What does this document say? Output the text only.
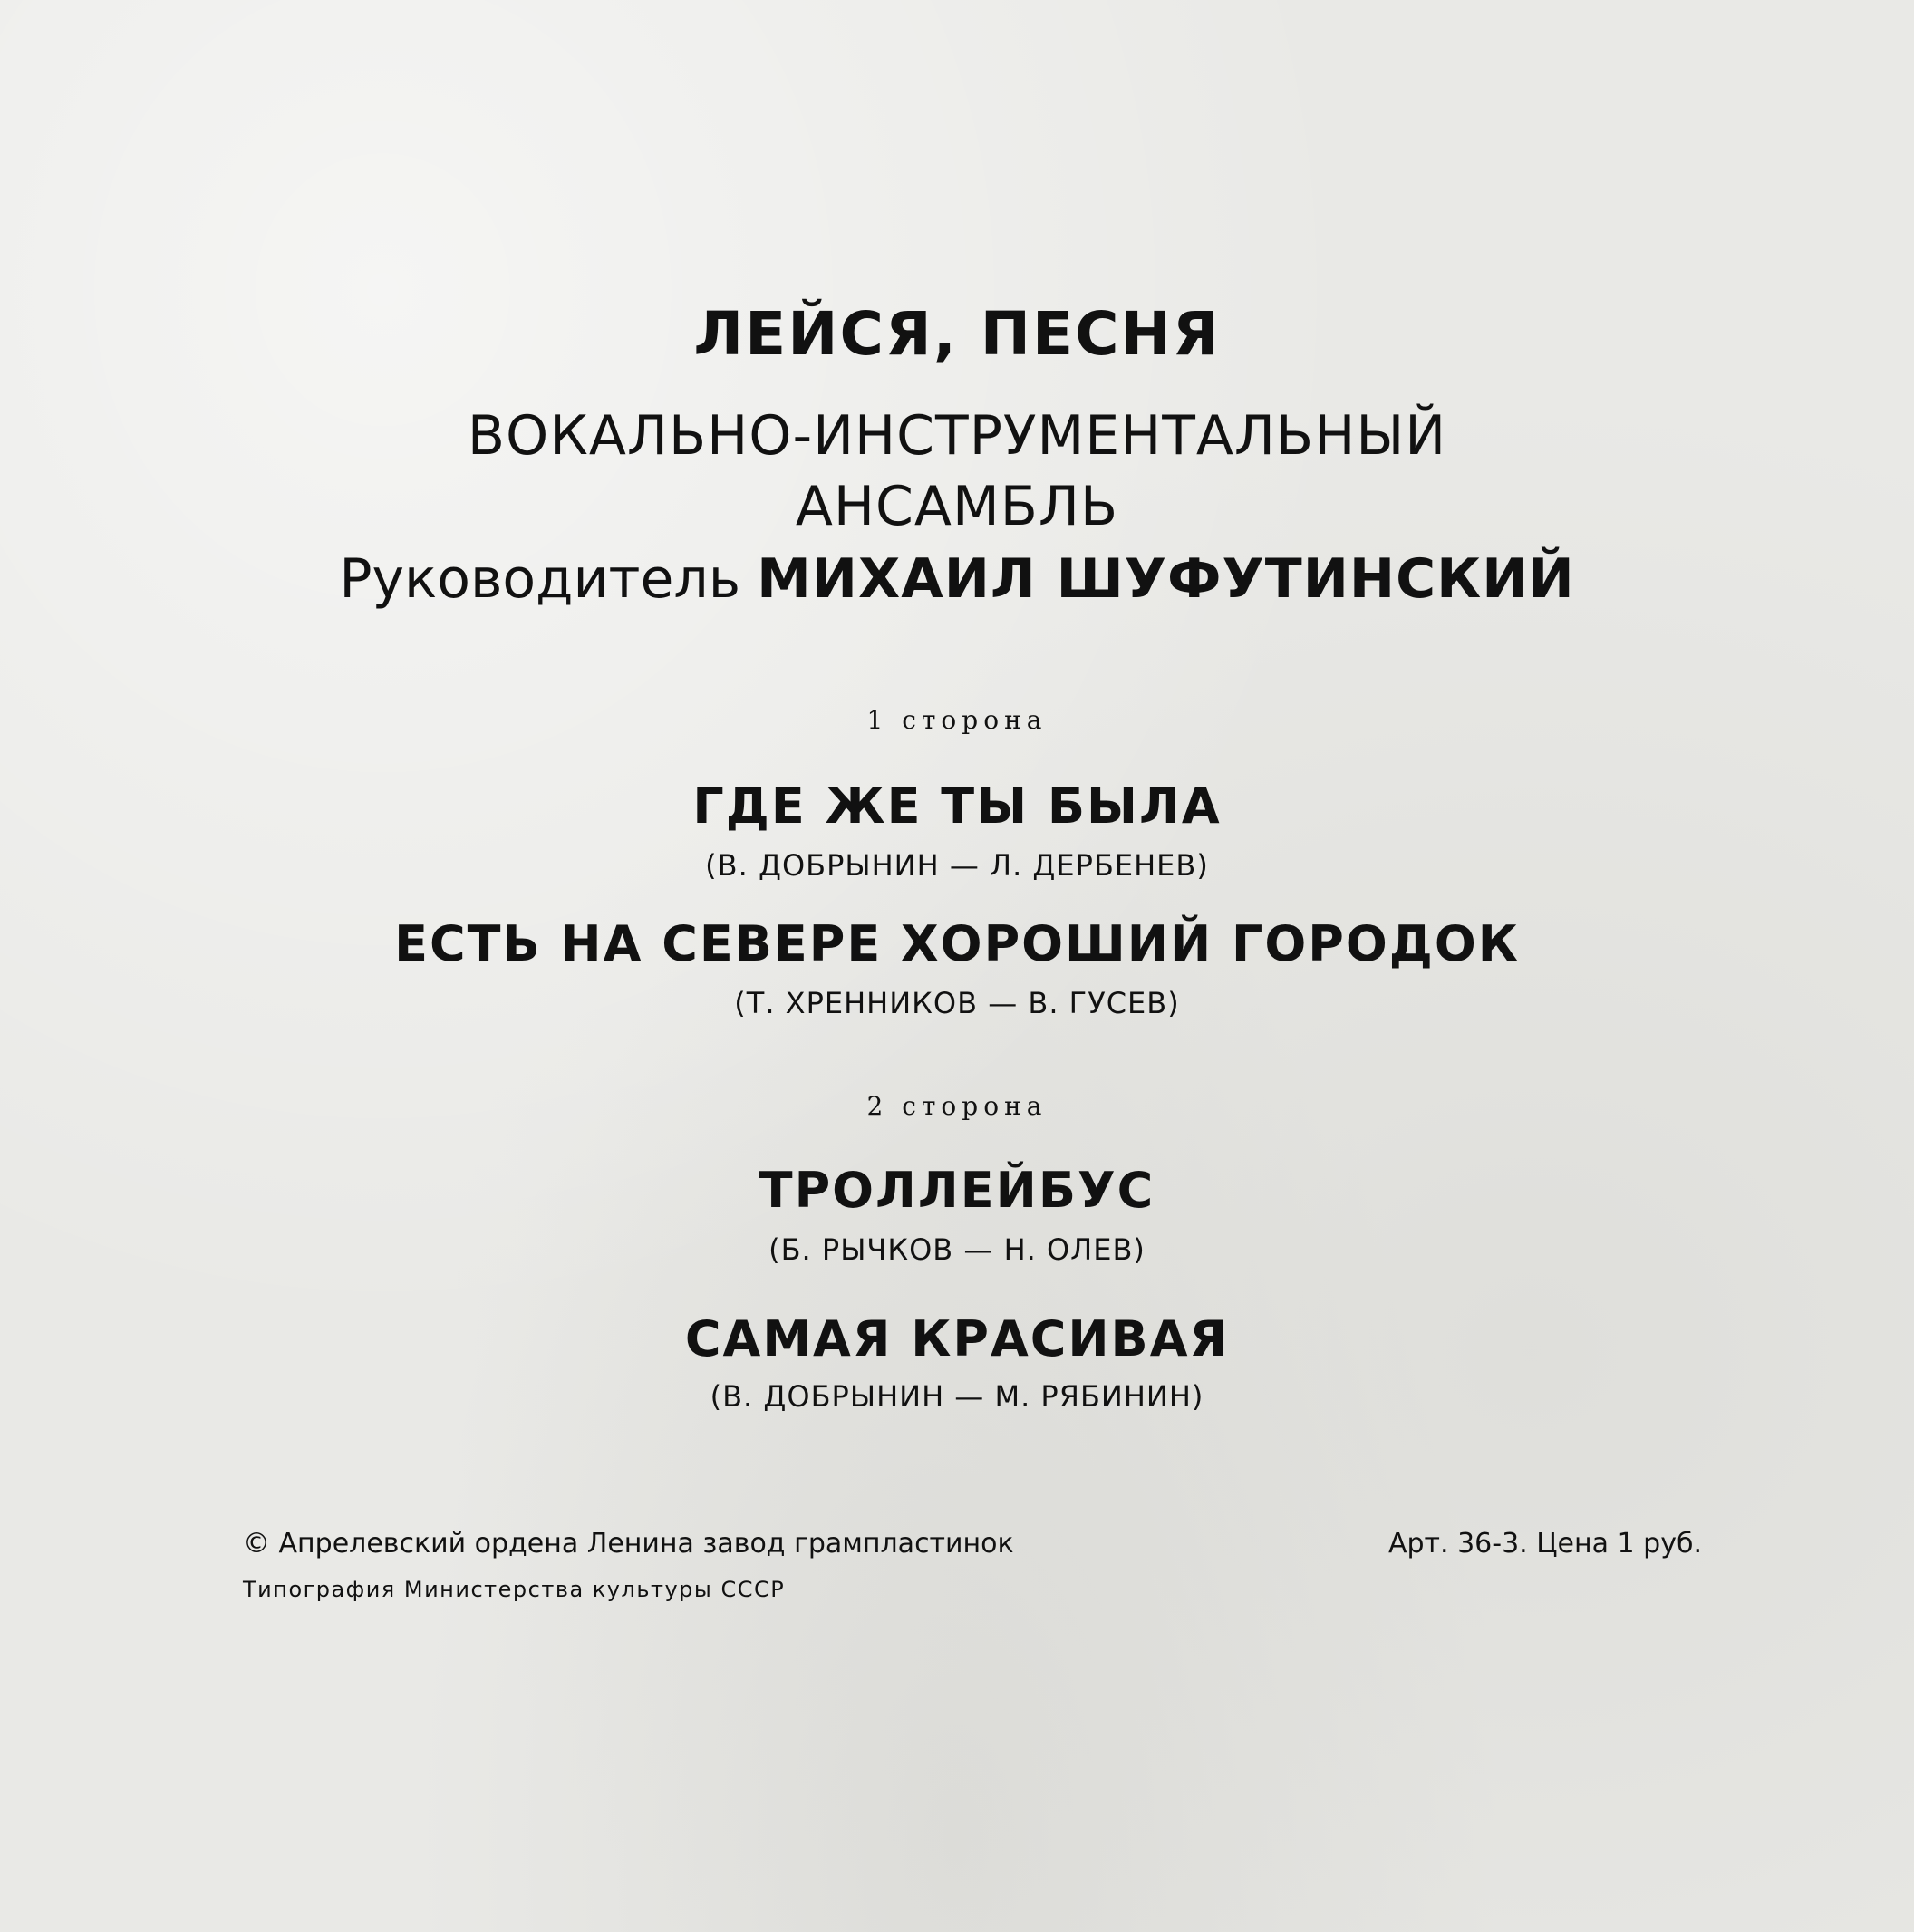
ЛЕЙСЯ, ПЕСНЯ
ВОКАЛЬНО-ИНСТРУМЕНТАЛЬНЫЙ
АНСАМБЛЬ
Руководитель МИХАИЛ ШУФУТИНСКИЙ
1 сторона
ГДЕ ЖЕ ТЫ БЫЛА
(В. ДОБРЫНИН — Л. ДЕРБЕНЕВ)
ЕСТЬ НА СЕВЕРЕ ХОРОШИЙ ГОРОДОК
(Т. ХРЕННИКОВ — В. ГУСЕВ)
2 сторона
ТРОЛЛЕЙБУС
(Б. РЫЧКОВ — Н. ОЛЕВ)
САМАЯ КРАСИВАЯ
(В. ДОБРЫНИН — М. РЯБИНИН)
© Апрелевский ордена Ленина завод грампластинок	Арт. 36-3. Цена 1 руб.
Типография Министерства культуры СССР
